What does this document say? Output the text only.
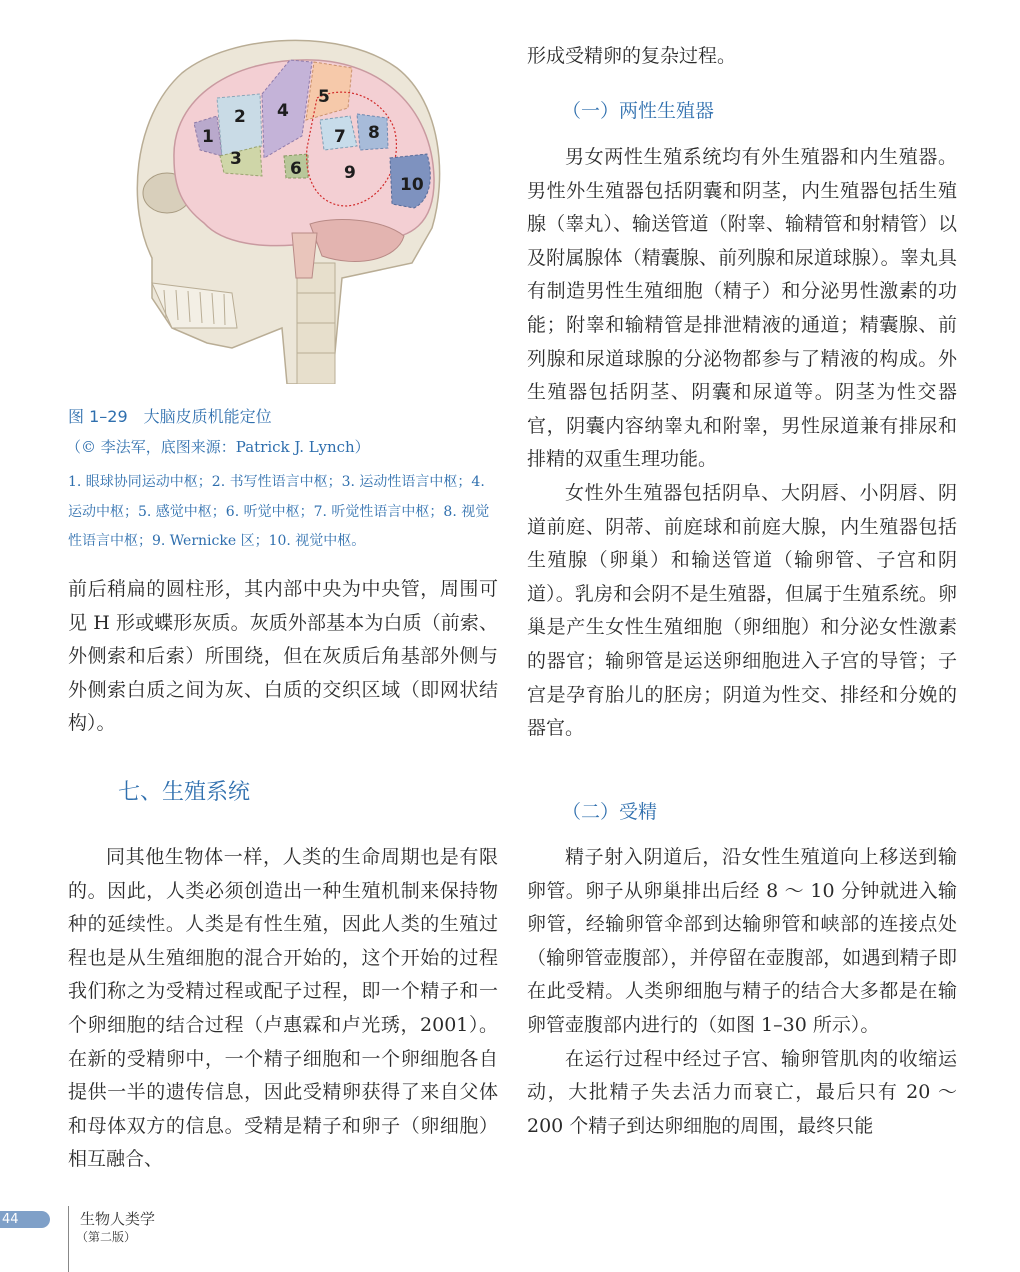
1
2
3
4
5
6
7 8
9
10
图 1–29　大脑皮质机能定位
（© 李法军，底图来源：Patrick J. Lynch）
1. 眼球协同运动中枢；2. 书写性语言中枢；3. 运动性语言中枢；4. 运动中枢；5. 感觉中枢；6. 听觉中枢；7. 听觉性语言中枢；8. 视觉性语言中枢；9. Wernicke 区；10. 视觉中枢。

前后稍扁的圆柱形，其内部中央为中央管，周围可见 H 形或蝶形灰质。灰质外部基本为白质（前索、外侧索和后索）所围绕，但在灰质后角基部外侧与外侧索白质之间为灰、白质的交织区域（即网状结构）。

七、生殖系统

同其他生物体一样，人类的生命周期也是有限的。因此，人类必须创造出一种生殖机制来保持物种的延续性。人类是有性生殖，因此人类的生殖过程也是从生殖细胞的混合开始的，这个开始的过程我们称之为受精过程或配子过程，即一个精子和一个卵细胞的结合过程（卢惠霖和卢光琇，2001）。在新的受精卵中，一个精子细胞和一个卵细胞各自提供一半的遗传信息，因此受精卵获得了来自父体和母体双方的信息。受精是精子和卵子（卵细胞）相互融合、

形成受精卵的复杂过程。

（一）两性生殖器

男女两性生殖系统均有外生殖器和内生殖器。男性外生殖器包括阴囊和阴茎，内生殖器包括生殖腺（睾丸）、输送管道（附睾、输精管和射精管）以及附属腺体（精囊腺、前列腺和尿道球腺）。睾丸具有制造男性生殖细胞（精子）和分泌男性激素的功能；附睾和输精管是排泄精液的通道；精囊腺、前列腺和尿道球腺的分泌物都参与了精液的构成。外生殖器包括阴茎、阴囊和尿道等。阴茎为性交器官，阴囊内容纳睾丸和附睾，男性尿道兼有排尿和排精的双重生理功能。

女性外生殖器包括阴阜、大阴唇、小阴唇、阴道前庭、阴蒂、前庭球和前庭大腺，内生殖器包括生殖腺（卵巢）和输送管道（输卵管、子宫和阴道）。乳房和会阴不是生殖器，但属于生殖系统。卵巢是产生女性生殖细胞（卵细胞）和分泌女性激素的器官；输卵管是运送卵细胞进入子宫的导管；子宫是孕育胎儿的胚房；阴道为性交、排经和分娩的器官。

（二）受精

精子射入阴道后，沿女性生殖道向上移送到输卵管。卵子从卵巢排出后经 8 ～ 10 分钟就进入输卵管，经输卵管伞部到达输卵管和峡部的连接点处（输卵管壶腹部），并停留在壶腹部，如遇到精子即在此受精。人类卵细胞与精子的结合大多都是在输卵管壶腹部内进行的（如图 1–30 所示）。

在运行过程中经过子宫、输卵管肌肉的收缩运动，大批精子失去活力而衰亡，最后只有 20 ～ 200 个精子到达卵细胞的周围，最终只能

44	生物人类学
（第二版）
